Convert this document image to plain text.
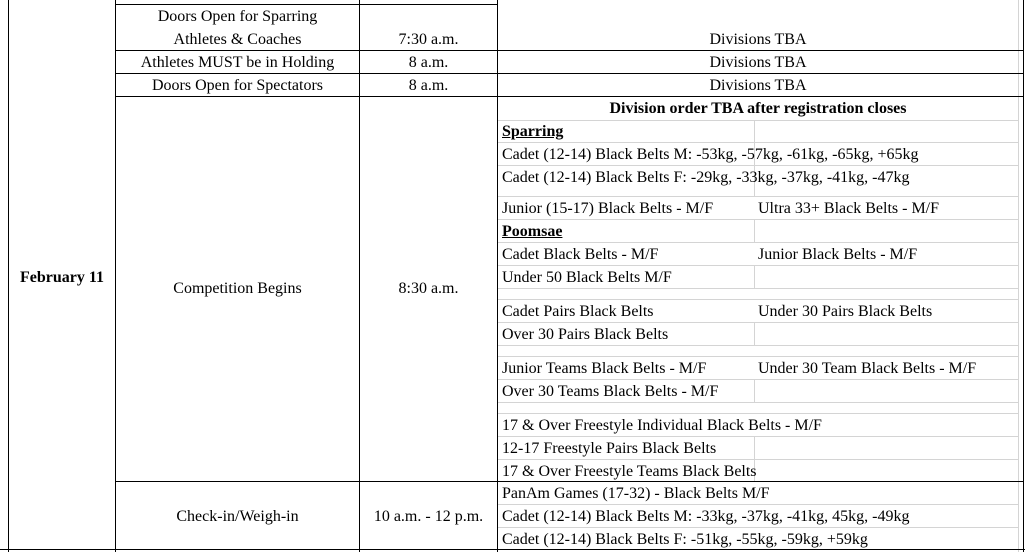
February 11
Doors Open for Sparring
Athletes & Coaches	7:30 a.m.	Divisions TBA
Athletes MUST be in Holding	8 a.m.	Divisions TBA
Doors Open for Spectators	8 a.m.	Divisions TBA
Competition Begins	8:30 a.m.
Division order TBA after registration closes
Sparring
Cadet (12-14) Black Belts M: -53kg, -57kg, -61kg, -65kg, +65kg
Cadet (12-14) Black Belts F: -29kg, -33kg, -37kg, -41kg, -47kg
Junior (15-17) Black Belts - M/F	Ultra 33+ Black Belts - M/F
Poomsae
Cadet Black Belts - M/F	Junior Black Belts - M/F
Under 50 Black Belts M/F
Cadet Pairs Black Belts	Under 30 Pairs Black Belts
Over 30 Pairs Black Belts
Junior Teams Black Belts - M/F	Under 30 Team Black Belts - M/F
Over 30 Teams Black Belts - M/F
17 & Over Freestyle Individual Black Belts - M/F
12-17 Freestyle Pairs Black Belts
17 & Over Freestyle Teams Black Belts
Check-in/Weigh-in	10 a.m. - 12 p.m.
PanAm Games (17-32) - Black Belts M/F
Cadet (12-14) Black Belts M: -33kg, -37kg, -41kg, 45kg, -49kg
Cadet (12-14) Black Belts F: -51kg, -55kg, -59kg, +59kg
